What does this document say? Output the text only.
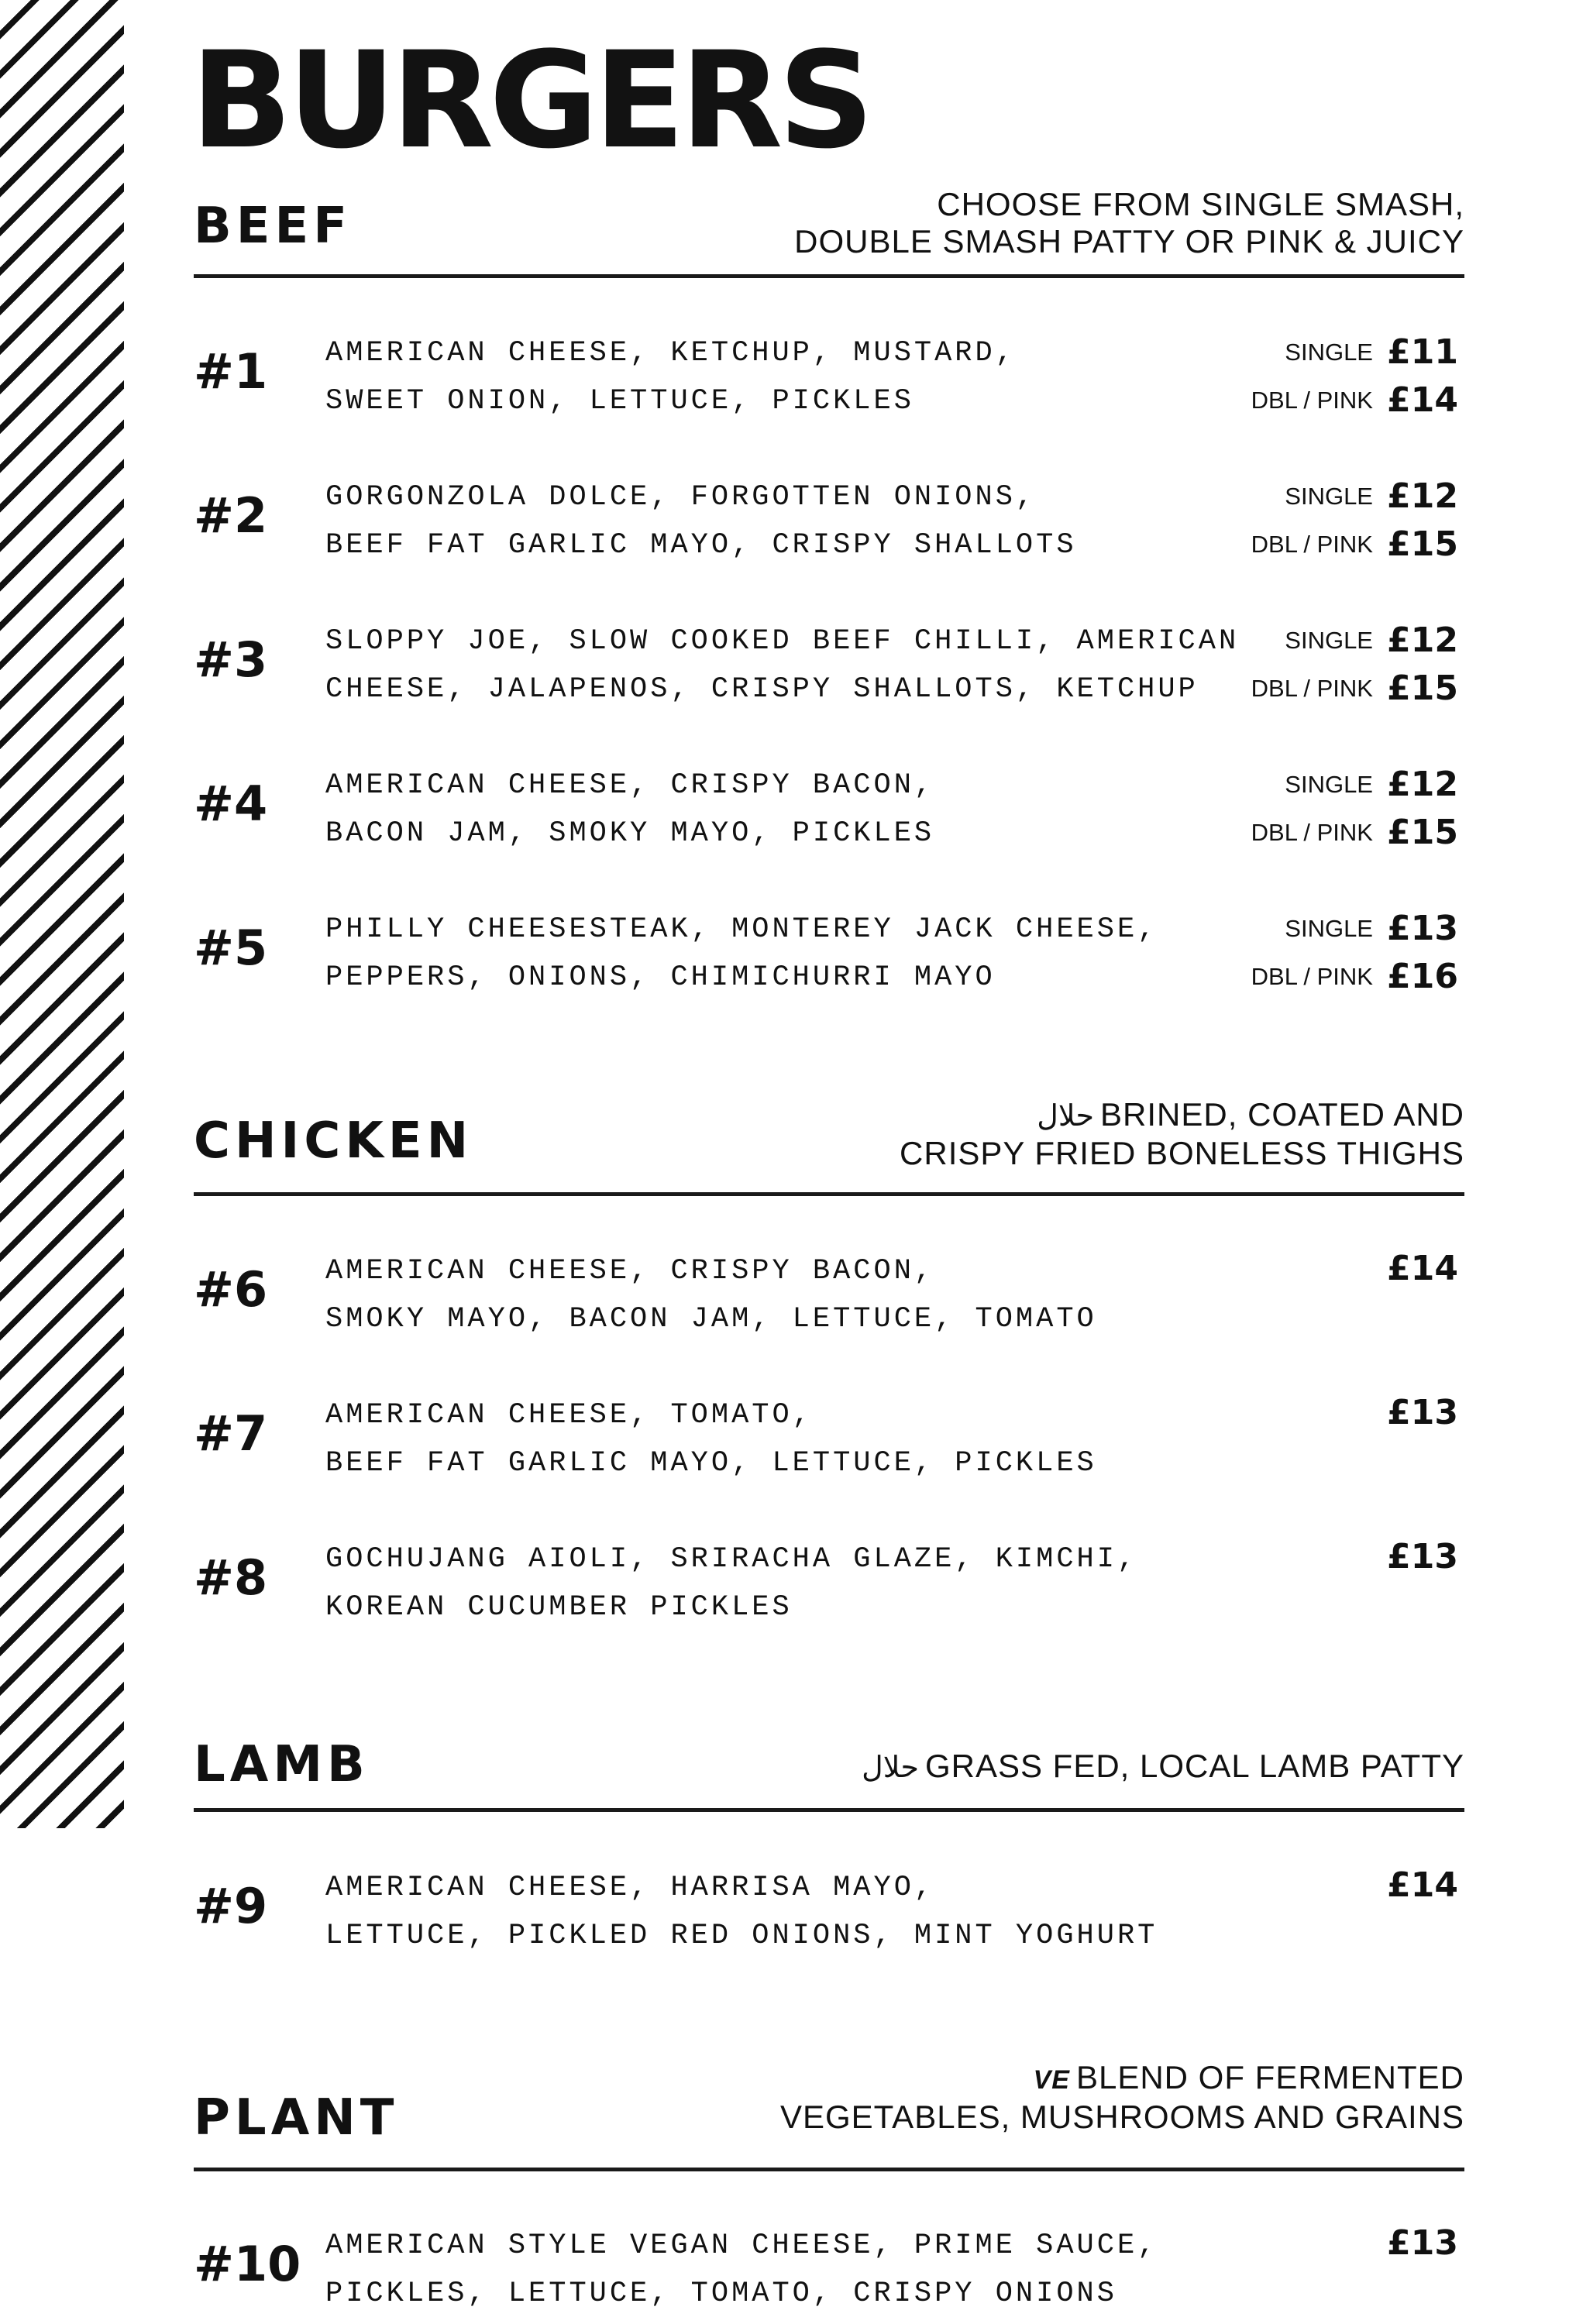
BURGERS
BEEF	CHOOSE FROM SINGLE SMASH,
DOUBLE SMASH PATTY OR PINK & JUICY
#1 AMERICAN CHEESE, KETCHUP, MUSTARD,
SWEET ONION, LETTUCE, PICKLES
SINGLE £11
DBL / PINK £14
#2 GORGONZOLA DOLCE, FORGOTTEN ONIONS,
BEEF FAT GARLIC MAYO, CRISPY SHALLOTS
SINGLE £12
DBL / PINK £15
#3 SLOPPY JOE, SLOW COOKED BEEF CHILLI, AMERICAN
CHEESE, JALAPENOS, CRISPY SHALLOTS, KETCHUP
SINGLE £12
DBL / PINK £15
#4 AMERICAN CHEESE, CRISPY BACON,
BACON JAM, SMOKY MAYO, PICKLES
SINGLE £12
DBL / PINK £15
#5 PHILLY CHEESESTEAK, MONTEREY JACK CHEESE,
PEPPERS, ONIONS, CHIMICHURRI MAYO
SINGLE £13
DBL / PINK £16
CHICKEN	حلال BRINED, COATED AND
CRISPY FRIED BONELESS THIGHS
#6 AMERICAN CHEESE, CRISPY BACON,
SMOKY MAYO, BACON JAM, LETTUCE, TOMATO
£14
#7 AMERICAN CHEESE, TOMATO,
BEEF FAT GARLIC MAYO, LETTUCE, PICKLES
£13
#8 GOCHUJANG AIOLI, SRIRACHA GLAZE, KIMCHI,
KOREAN CUCUMBER PICKLES
£13
LAMB	حلال GRASS FED, LOCAL LAMB PATTY
#9 AMERICAN CHEESE, HARRISA MAYO,
LETTUCE, PICKLED RED ONIONS, MINT YOGHURT
£14
PLANT
VE BLEND OF FERMENTED
VEGETABLES, MUSHROOMS AND GRAINS
#10 AMERICAN STYLE VEGAN CHEESE, PRIME SAUCE,
PICKLES, LETTUCE, TOMATO, CRISPY ONIONS
£13
